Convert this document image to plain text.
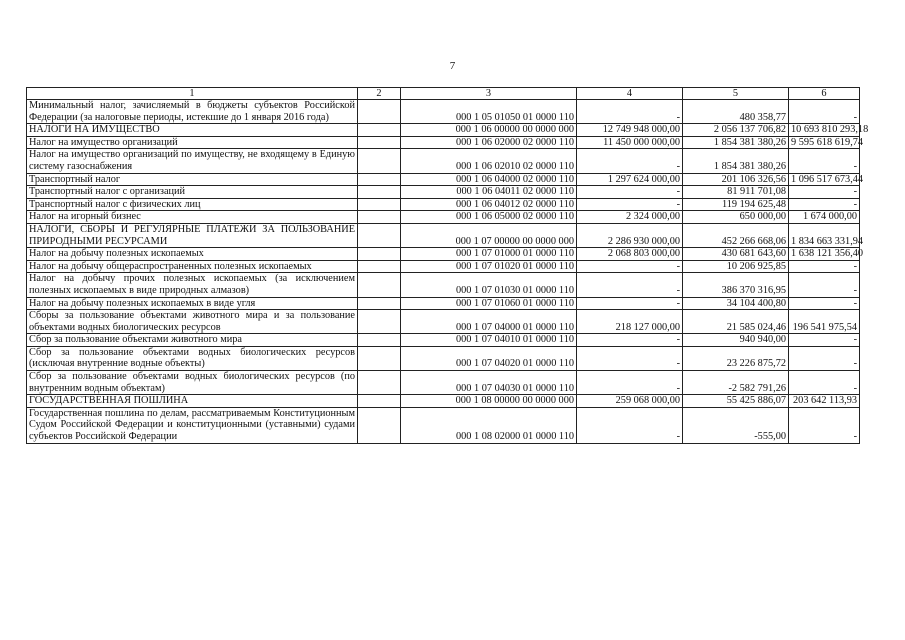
7
1	2	3	4	5	6
Минимальный налог, зачисляемый в бюджеты субъектов Российской Федерации (за налоговые периоды, истекшие до 1 января 2016 года)		000 1 05 01050 01 0000 110	-	480 358,77	-
НАЛОГИ НА ИМУЩЕСТВО		000 1 06 00000 00 0000 000	12 749 948 000,00	2 056 137 706,82	10 693 810 293,18
Налог на имущество организаций		000 1 06 02000 02 0000 110	11 450 000 000,00	1 854 381 380,26	9 595 618 619,74
Налог на имущество организаций по имуществу, не входящему в Единую систему газоснабжения		000 1 06 02010 02 0000 110	-	1 854 381 380,26	-
Транспортный налог		000 1 06 04000 02 0000 110	1 297 624 000,00	201 106 326,56	1 096 517 673,44
Транспортный налог с организаций		000 1 06 04011 02 0000 110	-	81 911 701,08	-
Транспортный налог с физических лиц		000 1 06 04012 02 0000 110	-	119 194 625,48	-
Налог на игорный бизнес		000 1 06 05000 02 0000 110	2 324 000,00	650 000,00	1 674 000,00
НАЛОГИ, СБОРЫ И РЕГУЛЯРНЫЕ ПЛАТЕЖИ ЗА ПОЛЬЗОВАНИЕ ПРИРОДНЫМИ РЕСУРСАМИ		000 1 07 00000 00 0000 000	2 286 930 000,00	452 266 668,06	1 834 663 331,94
Налог на добычу полезных ископаемых		000 1 07 01000 01 0000 110	2 068 803 000,00	430 681 643,60	1 638 121 356,40
Налог на добычу общераспространенных полезных ископаемых		000 1 07 01020 01 0000 110	-	10 206 925,85	-
Налог на добычу прочих полезных ископаемых (за исключением полезных ископаемых в виде природных алмазов)		000 1 07 01030 01 0000 110	-	386 370 316,95	-
Налог на добычу полезных ископаемых в виде угля		000 1 07 01060 01 0000 110	-	34 104 400,80	-
Сборы за пользование объектами животного мира и за пользование объектами водных биологических ресурсов		000 1 07 04000 01 0000 110	218 127 000,00	21 585 024,46	196 541 975,54
Сбор за пользование объектами животного мира		000 1 07 04010 01 0000 110	-	940 940,00	-
Сбор за пользование объектами водных биологических ресурсов (исключая внутренние водные объекты)		000 1 07 04020 01 0000 110	-	23 226 875,72	-
Сбор за пользование объектами водных биологических ресурсов (по внутренним водным объектам)		000 1 07 04030 01 0000 110	-	-2 582 791,26	-
ГОСУДАРСТВЕННАЯ ПОШЛИНА		000 1 08 00000 00 0000 000	259 068 000,00	55 425 886,07	203 642 113,93
Государственная пошлина по делам, рассматриваемым Конституционным Судом Российской Федерации и конституционными (уставными) судами субъектов Российской Федерации		000 1 08 02000 01 0000 110	-	-555,00	-
